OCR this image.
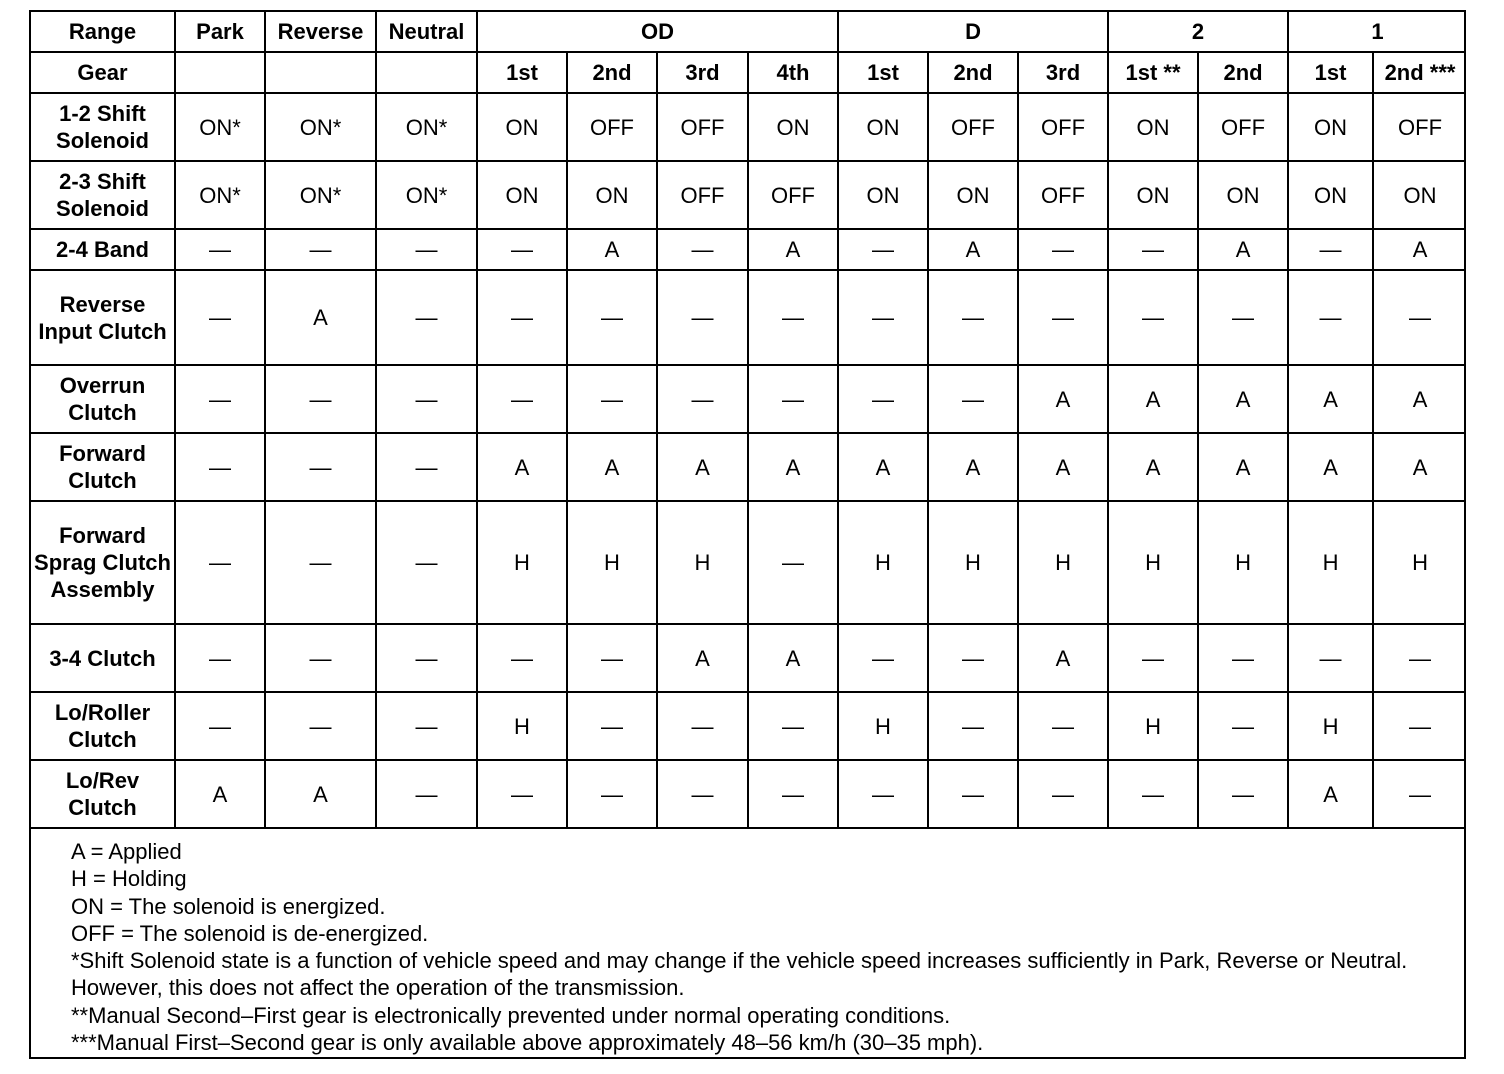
Range	Park	Reverse	Neutral	OD				D			2		1	
Gear				1st	2nd	3rd	4th	1st	2nd	3rd	1st **	2nd	1st	2nd ***
1-2 Shift Solenoid	ON*	ON*	ON*	ON	OFF	OFF	ON	ON	OFF	OFF	ON	OFF	ON	OFF
2-3 Shift Solenoid	ON*	ON*	ON*	ON	ON	OFF	OFF	ON	ON	OFF	ON	ON	ON	ON
2-4 Band	—	—	—	—	A	—	A	—	A	—	—	A	—	A
Reverse Input Clutch	—	A	—	—	—	—	—	—	—	—	—	—	—	—
Overrun Clutch	—	—	—	—	—	—	—	—	—	A	A	A	A	A
Forward Clutch	—	—	—	A	A	A	A	A	A	A	A	A	A	A
Forward Sprag Clutch Assembly	—	—	—	H	H	H	—	H	H	H	H	H	H	H
3-4 Clutch	—	—	—	—	—	A	A	—	—	A	—	—	—	—
Lo/Roller Clutch	—	—	—	H	—	—	—	H	—	—	H	—	H	—
Lo/Rev Clutch	A	A	—	—	—	—	—	—	—	—	—	—	A	—
A = Applied
H = Holding
ON = The solenoid is energized.
OFF = The solenoid is de-energized.
*Shift Solenoid state is a function of vehicle speed and may change if the vehicle speed increases sufficiently in Park, Reverse or Neutral. However, this does not affect the operation of the transmission.
**Manual Second–First gear is electronically prevented under normal operating conditions.
***Manual First–Second gear is only available above approximately 48–56 km/h (30–35 mph).
